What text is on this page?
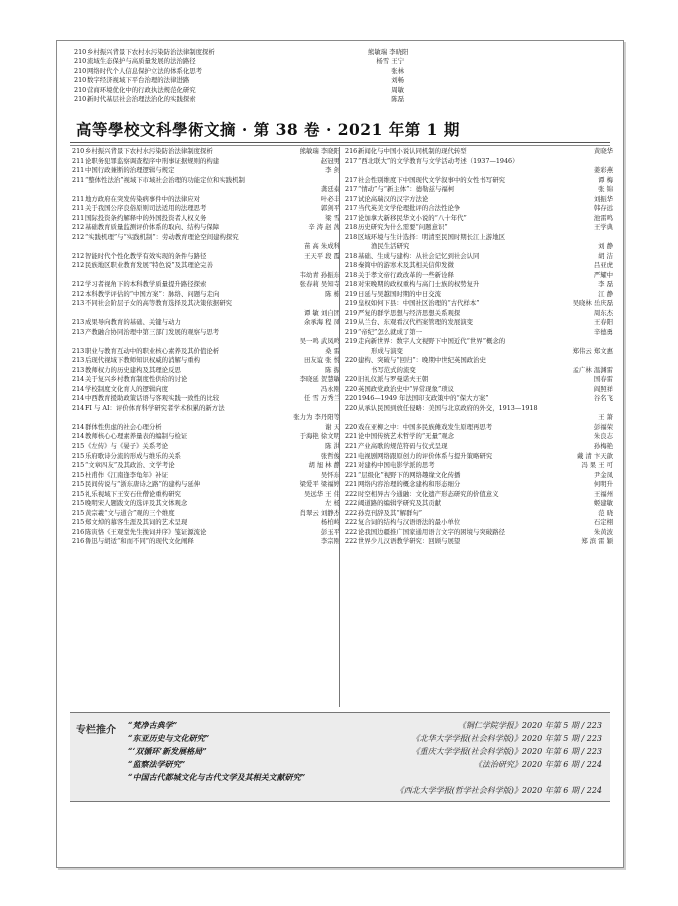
210 乡村振兴背景下农村水污染防治法律制度探析	熊敏瑞 李晓阳
210 流域生态保护与高质量发展的法治路径	杨雪 王宁
210 网络时代个人信息保护立法的体系化思考	张林
210 数字经济视域下平台治理的法律进路	刘畅
210 营商环境优化中的行政执法规范化研究	周敏
210 新时代基层社会治理法治化的实践探索	陈磊
高等學校文科學術文摘 · 第 38 卷 · 2021 年第 1 期
210 乡村振兴背景下农村水污染防治法律制度探析	熊敏瑞 李晓阳
211 论职务犯罪监察调查程序中刑事证据规则的构建	赵冠男
211 中国行政兼断的治理逻辑与规定	李 剑
211 “整体性法治”视域下市域社会治理的功能定位和实践机制
龚廷泰
211 地方政府在突发传染病事件中的法律应对	叶必丰
211 关于我国公序良俗原则司法适用的法理思考	郭剑平
211 国际投资条约解释中的外国投资者人权义务	梁 雪
212 基础教育质量监测评价体系的取向、结构与保障	辛 涛 赵 茜
212 “实践机理”与“实践机制”：劳动教育理论空间建构探究
苗 高 朱成科
212 智能时代个性化教学有效实现的条件与路径	王天平 段 霞
212 民族地区职业教育发展“特色说”及其理论完善
韦幼青 孙振东
212 学习者视角下的本科教学质量提升路径探索	张春莉 吴知寺
212 本科教学评估的“中国方案”：脉络、问题与走向	陈 栋
213 不同社会阶层子女的高等教育选择及其决策依据研究
谭 敏 刘自团
213 成果导向教育的基础、关键与动力	余承海 程 凤
213 产教融合协同治理中第三部门发展的观察与思考
吴一鸣 武凤鸣
213 职业与教育互动中的职业核心素养及其价值论析	桑 雷
213 后现代视域下教师知识权威的消解与重构	田友谊 张 悦
213 教师权力的历史建构及其理论反思	陈 振
214 关于复兴乡村教育制度性供给的讨论	李晓延 贺慧敏
214 学校制度文化育人的逻辑向度	冯永刚
214 中西教育援助政策话语与客观实践一致性的比较	任 雪 万秀兰
214 FI 与 AI：评价体育科学研究者学术积累的新方法
张力为 李丹阳等
214 群体性焦虑的社会心理分析	谢 天
214 教师核心心理素养量表的编制与检证	于海艳 徐文明
215 《左传》与《晏子》关系考论	陈 洪
215 乐府歌诗分流的形成与维乐的关系	张哲俊
215 “文章四友”及其政治、文学考论	胡 旭 林 静
215 杜甫作《江南逢李龟年》补证	吴怀东
215 民间传说与“浙东唐诗之路”的建构与延伸	梁爱平 梁福婷
215 礼乐视域下王安石仕僧论重构研究	吴远华 王 伟
215 晚明宋人题跋文的选评及其文体观念	左 杨
215 黄宗羲“文与道合”观的三个维度	肖翠云 刘静杰
215 郑文焯的慕客生涯及其词的艺术呈现	杨柏岭
216 陈寅恪《王观堂先生挽词并序》笺证源流论	彭玉平
216 鲁迅与胡适“和而不同”的现代文化阐释	李宗刚
216 新闻化与中国小说认同机制的现代转型	黄晓华
217 “西北联大”的文学教育与文学活动考述（1937—1946）
姜彩燕
217 社会性别维度下中国现代文学叙事中的女性书写研究	谭 梅
217 “情动”与“新主体”：德勒兹与福柯	张 锦
217 试论高瑞汉的汉字方法论	刘振华
217 当代英美文学伦理批评的合法性论争	韩存远
217 论加拿大新移民华文小说的“八十年代”	池雷鸣
218 历史研究为什么需要“问题意识”	王学典
218 区域环境与生计选择：明清至民国时期长江上游地区
渔民生活研究	刘 静
218 基础、生成与建构：从社会记忆到社会认同	胡 洁
218 秦简中的游寒术及其相关信仰发微	吕亚虎
218 关于孝文帝行政改革的一些新诠释	严耀中
218 对宋晚期的政权重构与高门士族的权势复升	李 磊
219 日延与吴越国时期的中日交流	江 静
219 皇权如何下县：中国社区治理的“古代样本”	吴晓林 岳庆磊
219 严复的群学思想与经济思想关系观探	周东杰
219 从兰台、东观看汉代档案管理的发展演变	王春阳
219 “帝纪”怎么就成了第一	辛德勇
219 走向新世界：数字人文视野下中国近代“世界”概念的
形成与演变	郑伟云 郑文惠
220 建构、突破与“回归”：晚期中世纪英国政治史
书写范式的流变	孟广林 温渊雷
220 旧礼仪派与罗曼诺夫王朝	国春雷
220 英国政党政治史中“异常现象”琐议	阎照祥
220 1946—1949 年法国印支政策中的“保大方案”	谷名飞
220 从承认民国到放任侵略：美国与北京政府的外交，1913—1918
王 箫
220 戏在亚柳之中：中国多民族傩戏发生原理再思考	彭福荣
221 论中国传统艺术哲学的“无量”观念	朱良志
221 产业高歌的规范符码与仪式呈现	孙梅艳
221 电视剧网络跟原创力的评价体系与提升策略研究	戴 清 卞天歆
221 对建构中国电影学派的思考	冯 果 王 可
221 “层级化”视野下的网络趣缘文化传播	尹金凤
221 网络内容治理的概念建构和形态细分	何明升
222 时空相异古今通融：文化遗产形态研究的价值意义	王福州
222 阈道路的编辑学研究及其贡献	姬建敏
222 孙克刊辞及其“解群句”	范 晓
222 复合词的结构与汉语语法的最小单位	石定栩
222 论我国边疆推广国家通用语言文字的困境与突破路径	朱黄波
222 世界少儿汉语教学研究：回顾与展望	郑 滨 雷 颖
专栏推介 “梵净古典学”	《铜仁学院学报》2020 年第 5 期 / 223
“东亚历史与文化研究”	《北华大学学报(社会科学版)》2020 年第 5 期 / 223
“‘双循环’新发展格局”	《重庆大学学报(社会科学版)》2020 年第 6 期 / 223
“监察法学研究”	《法治研究》2020 年第 6 期 / 224
“中国古代都城文化与古代文学及其相关文献研究”
《西北大学学报(哲学社会科学版)》2020 年第 6 期 / 224
